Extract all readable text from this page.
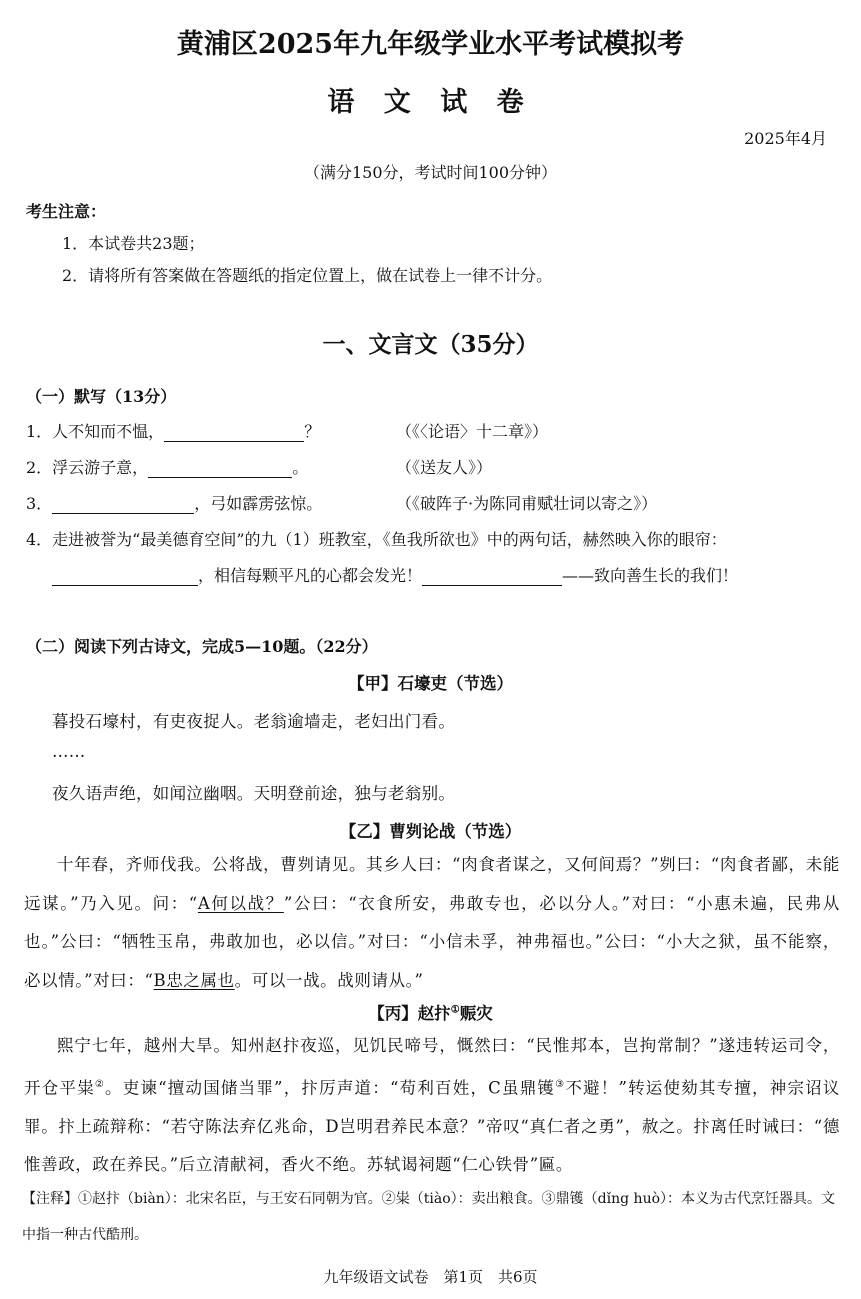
黄浦区2025年九年级学业水平考试模拟考
语 文 试 卷
2025年4月
（满分150分，考试时间100分钟）
考生注意：
1．本试卷共23题；
2．请将所有答案做在答题纸的指定位置上，做在试卷上一律不计分。
一、文言文（35分）
（一）默写（13分）
1．人不知而不愠，	？	（《〈论语〉十二章》）
2．浮云游子意，	。	（《送友人》）
3．	，弓如霹雳弦惊。	（《破阵子·为陈同甫赋壮词以寄之》）
4．走进被誉为“最美德育空间”的九（1）班教室，《鱼我所欲也》中的两句话，赫然映入你的眼帘：
，相信每颗平凡的心都会发光！	——致向善生长的我们！
（二）阅读下列古诗文，完成5—10题。（22分）
【甲】石壕吏（节选）
暮投石壕村，有吏夜捉人。老翁逾墙走，老妇出门看。
……
夜久语声绝，如闻泣幽咽。天明登前途，独与老翁别。
【乙】曹刿论战（节选）
十年春，齐师伐我。公将战，曹刿请见。其乡人曰：“肉食者谋之，又何间焉？”刿曰：“肉食者鄙，未能远谋。”乃入见。问：“A何以战？”公曰：“衣食所安，弗敢专也，必以分人。”对曰：“小惠未遍，民弗从也。”公曰：“牺牲玉帛，弗敢加也，必以信。”对曰：“小信未孚，神弗福也。”公曰：“小大之狱，虽不能察，必以情。”对曰：“B忠之属也。可以一战。战则请从。”
【丙】赵抃①赈灾
熙宁七年，越州大旱。知州赵抃夜巡，见饥民啼号，慨然曰：“民惟邦本，岂拘常制？”遂违转运司令，开仓平粜②。吏谏“擅动国储当罪”，抃厉声道：“苟利百姓，C虽鼎镬③不避！”转运使劾其专擅，神宗诏议罪。抃上疏辩称：“若守陈法弃亿兆命，D岂明君养民本意？”帝叹“真仁者之勇”，赦之。抃离任时诫曰：“德惟善政，政在养民。”后立清献祠，香火不绝。苏轼谒祠题“仁心铁骨”匾。
【注释】①赵抃（biàn）：北宋名臣，与王安石同朝为官。②粜（tiào）：卖出粮食。③鼎镬（dǐng huò）：本义为古代烹饪器具。文中指一种古代酷刑。
九年级语文试卷　第1页　共6页
